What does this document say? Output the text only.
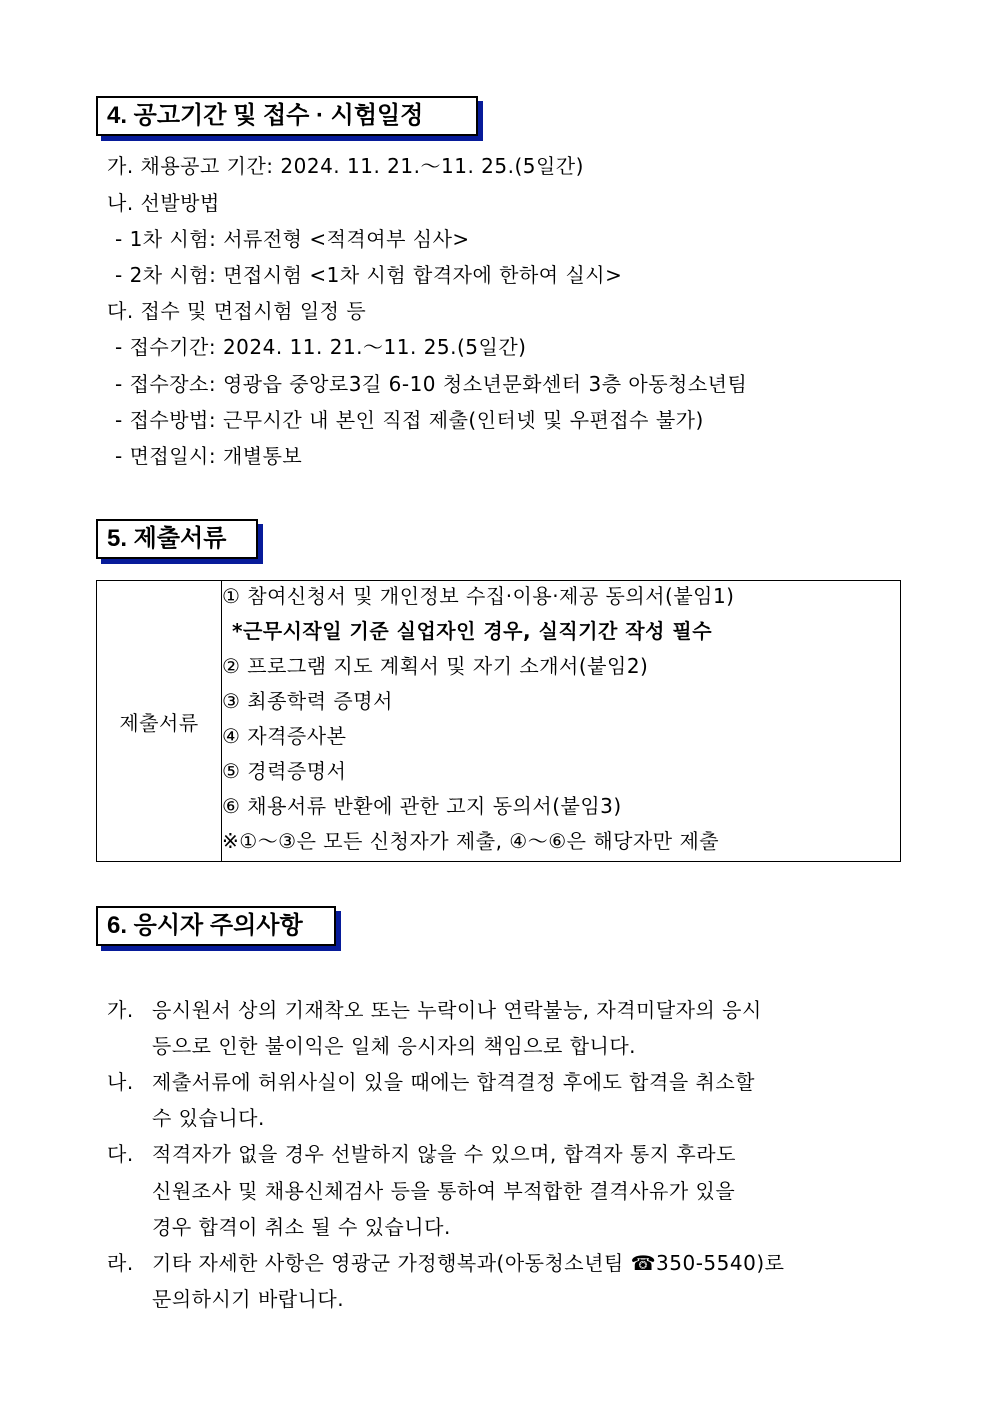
4. 공고기간 및 접수 · 시험일정
가. 채용공고 기간: 2024. 11. 21.～11. 25.(5일간)
나. 선발방법
- 1차 시험: 서류전형 <적격여부 심사>
- 2차 시험: 면접시험 <1차 시험 합격자에 한하여 실시>
다. 접수 및 면접시험 일정 등
- 접수기간: 2024. 11. 21.～11. 25.(5일간)
- 접수장소: 영광읍 중앙로3길 6-10 청소년문화센터 3층 아동청소년팀
- 접수방법: 근무시간 내 본인 직접 제출(인터넷 및 우편접수 불가)
- 면접일시: 개별통보
5. 제출서류
제출서류	
① 참여신청서 및 개인정보 수집·이용·제공 동의서(붙임1)
*근무시작일 기준 실업자인 경우, 실직기간 작성 필수
② 프로그램 지도 계획서 및 자기 소개서(붙임2)
③ 최종학력 증명서
④ 자격증사본
⑤ 경력증명서
⑥ 채용서류 반환에 관한 고지 동의서(붙임3)
※①～③은 모든 신청자가 제출, ④～⑥은 해당자만 제출
6. 응시자 주의사항
가. 응시원서 상의 기재착오 또는 누락이나 연락불능, 자격미달자의 응시
등으로 인한 불이익은 일체 응시자의 책임으로 합니다.
나. 제출서류에 허위사실이 있을 때에는 합격결정 후에도 합격을 취소할
수 있습니다.
다. 적격자가 없을 경우 선발하지 않을 수 있으며, 합격자 통지 후라도
신원조사 및 채용신체검사 등을 통하여 부적합한 결격사유가 있을
경우 합격이 취소 될 수 있습니다.
라. 기타 자세한 사항은 영광군 가정행복과(아동청소년팀 ☎350-5540)로
문의하시기 바랍니다.
